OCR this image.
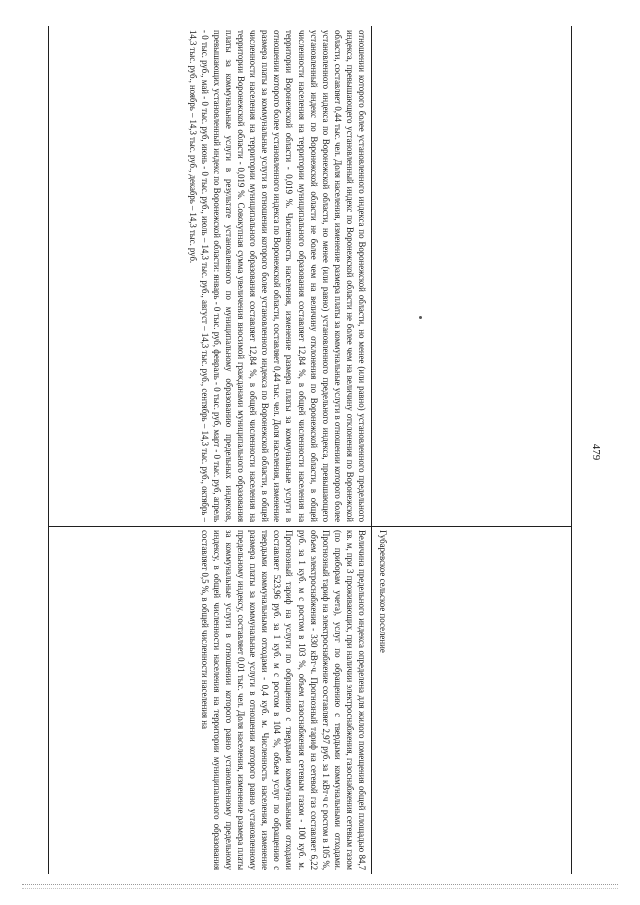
479
отношении которого более установленного индекса по Воронежской области, но менее (или равно) установленного предельного индекса, превышающего установленный индекс по Воронежской области не более чем на величину отклонения по Воронежской области, составляет 0,44 тыс. чел. Доля населения, изменение размера платы за коммунальные услуги в отношении которого более установленного индекса по Воронежской области, но менее (или равно) установленного предельного индекса, превышающего установленный индекс по Воронежской области не более чем на величину отклонения по Воронежской области, в общей численности населения на территории муниципального образования составляет 12,84 %, в общей численности населения на территории Воронежской области - 0,019 %. Численность населения, изменение размера платы за коммунальные услуги в отношении которого более установленного индекса по Воронежской области, составляет 0,44 тыс. чел. Доля населения, изменение размера платы за коммунальные услуги в отношении которого более установленного индекса по Воронежской области, в общей численности населения на территории муниципального образования составляет 12,84 %, в общей численности населения на территории Воронежской области - 0,019 %. Совокупная сумма увеличения вносимой гражданами муниципального образования платы за коммунальные услуги в результате установленного по муниципальному образованию предельных индексов, превышающих установленный индекс по Воронежской области: январь - 0 тыс. руб, февраль - 0 тыс. руб, март - 0 тыс. руб, апрель - 0 тыс. руб., май - 0 тыс. руб, июнь - 0 тыс. руб., июль – 14,3 тыс. руб., август – 14,3 тыс. руб., сентябрь – 14,3 тыс. руб., октябрь – 14,3 тыс. руб., ноябрь – 14,3 тыс. руб., декабрь – 14,3 тыс. руб.
Губаревское сельское поселение
Величина предельного индекса определена для жилого помещения общей площадью 84,7 кв. м, при 3 проживающих, при наличии электроснабжения, газоснабжения сетевым газом (по приборам учета), услуг по обращению с твердыми коммунальными отходами. Прогнозный тариф на электроснабжение составляет 2,97 руб. за 1 кВт·ч с ростом в 105 %, объем электроснабжения - 330 кВт·ч. Прогнозный тариф на сетевой газ составляет 6,22 руб. за 1 куб. м с ростом в 103 %, объем газоснабжения сетевым газом - 100 куб. м. Прогнозный тариф на услуги по обращению с твердыми коммунальными отходами составляет 523,96 руб. за 1 куб. м с ростом в 104 %, объем услуг по обращению с твердыми коммунальными отходами - 0,4 куб. м. Численность населения, изменение размера платы за коммунальные услуги в отношении которого равно установленному предельному индексу, составляет 0,01 тыс. чел. Доля населения, изменение размера платы за коммунальные услуги в отношении которого равно установленному предельному индексу, в общей численности населения на территории муниципального образования составляет 0,5 %, в общей численности населения на
